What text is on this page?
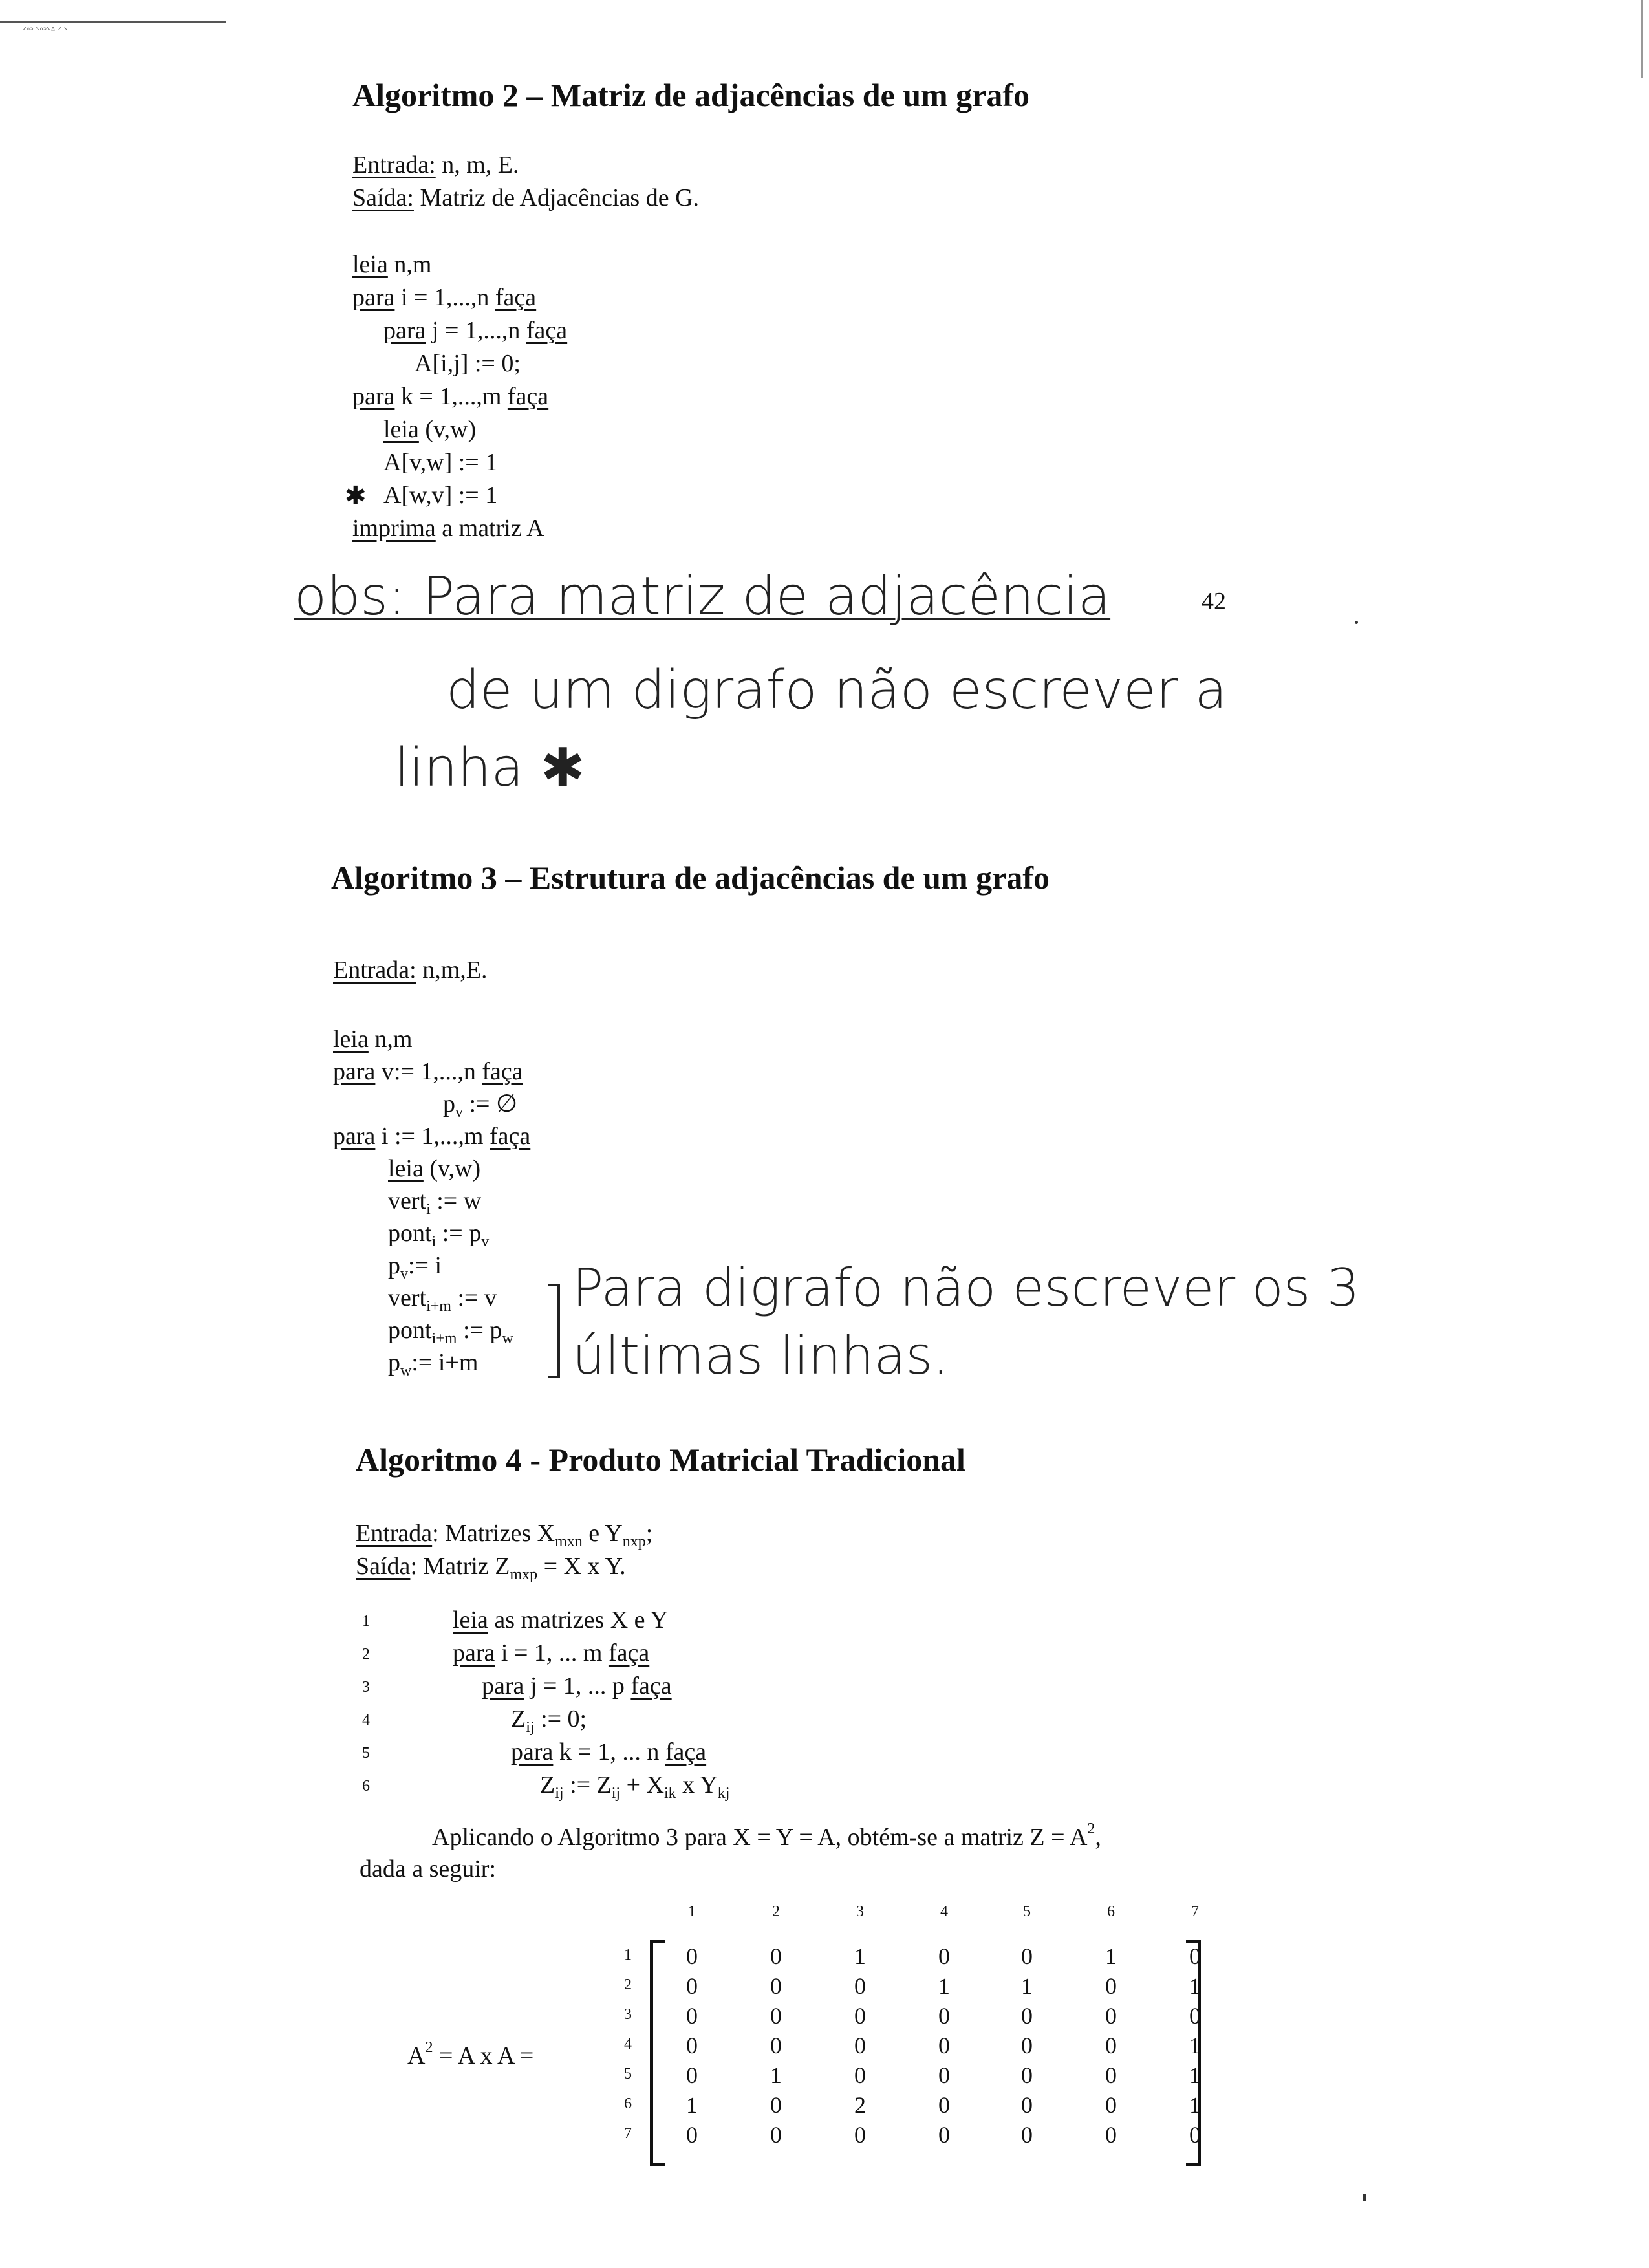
ᐟᐢᐣ ᐠᐢᐣᐠᐞ ᐟ ᐠ
Algoritmo 2 – Matriz de adjacências de um grafo
Entrada: n, m, E.
Saída: Matriz de Adjacências de G.
leia n,m
para i = 1,...,n faça
para j = 1,...,n faça
A[i,j] := 0;
para k = 1,...,m faça
leia (v,w)
A[v,w] := 1
✱ A[w,v] := 1
imprima a matriz A
42
obs: Para matriz de adjacência
de um digrafo não escrever a
linha ✱
Algoritmo 3 – Estrutura de adjacências de um grafo
Entrada: n,m,E.
leia n,m
para v:= 1,...,n faça
$p_v$ := ∅
para i := 1,...,m faça
leia (v,w)
vert$_i$ := w
pont$_i$ := $p_v$
$p_v:= i$
vert$_{i+m}$ := v
pont$_{i+m}$ := $p_w$
$p_w:= i+m$
Para digrafo não escrever os 3
últimas linhas.
Algoritmo 4 - Produto Matricial Tradicional
Entrada: Matrizes $X_{mxn}$ e $Y_{nxp}$;
Saída: Matriz $Z_{mxp} = X$ x Y.
leia as matrizes X e Y
1
para i = 1, ... m faça
2
para j = 1, ... p faça
3
$Z_{ij}$ := 0;
4
para k = 1, ... n faça
5
$Z_{ij}$ := $Z_{ij} + X_{ik}$ x $Y_{kj}$
6
Aplicando o Algoritmo 3 para X = Y = A, obtém-se a matriz $Z = A^2$,
dada a seguir:
$A^2 = A$ x A =
1	2	3	4	5	6	7
1
2
3
4
5
6
7
0	0	1	0	0	1	0
0	0	0	1	1	0	1
0	0	0	0	0	0	0
0	0	0	0	0	0	1
0	1	0	0	0	0	1
1	0	2	0	0	0	1
0	0	0	0	0	0	0
